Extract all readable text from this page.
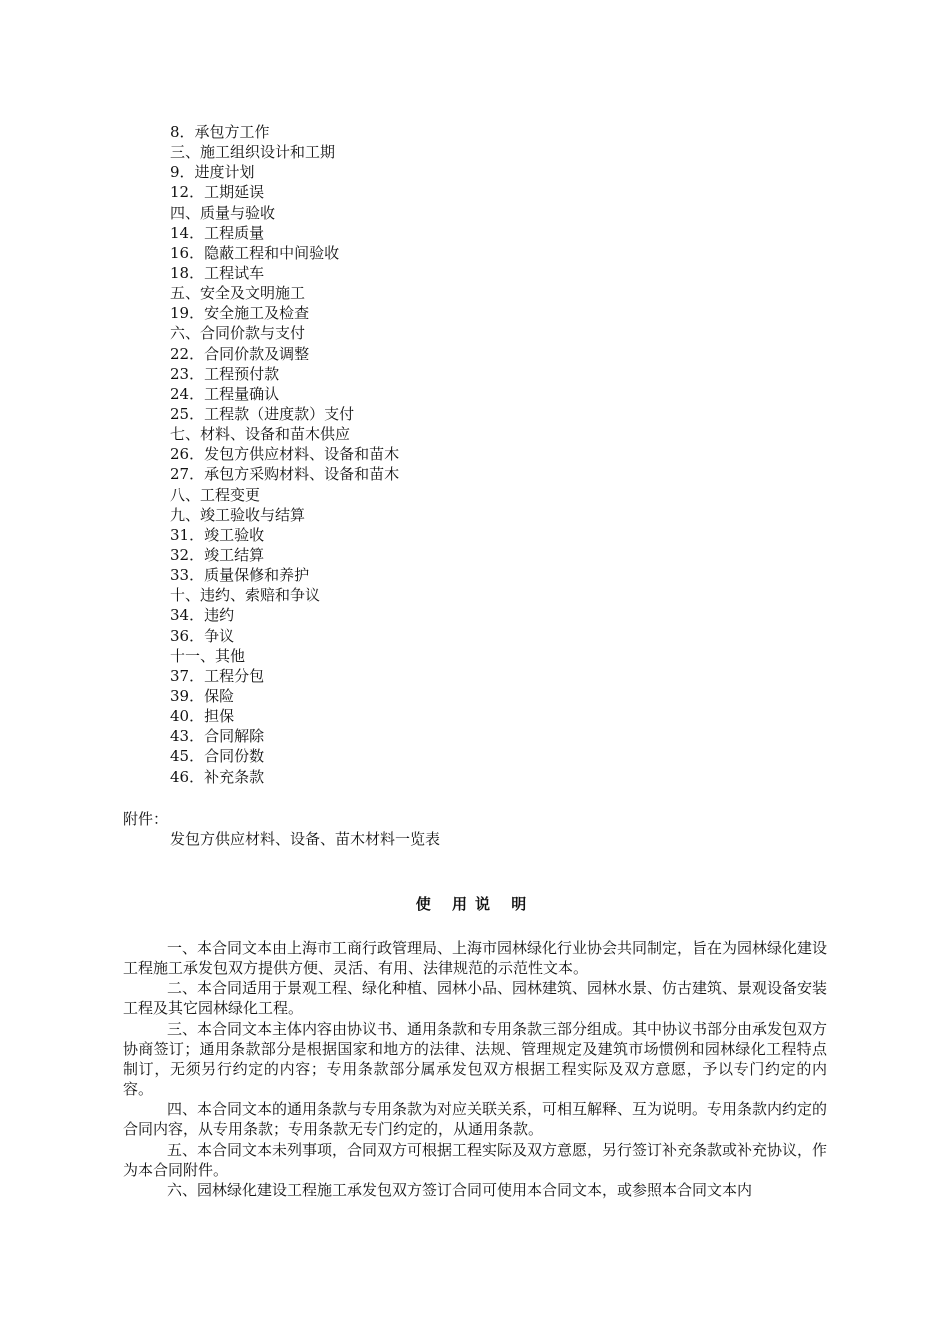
8．承包方工作
三、施工组织设计和工期
9．进度计划
12．工期延误
四、质量与验收
14．工程质量
16．隐蔽工程和中间验收
18．工程试车
五、安全及文明施工
19．安全施工及检查
六、合同价款与支付
22．合同价款及调整
23．工程预付款
24．工程量确认
25．工程款（进度款）支付
七、材料、设备和苗木供应
26．发包方供应材料、设备和苗木
27．承包方采购材料、设备和苗木
八、工程变更
九、竣工验收与结算
31．竣工验收
32．竣工结算
33．质量保修和养护
十、违约、索赔和争议
34．违约
36．争议
十一、其他
37．工程分包
39．保险
40．担保
43．合同解除
45．合同份数
46．补充条款
附件：
发包方供应材料、设备、苗木材料一览表
使 用说 明

一、本合同文本由上海市工商行政管理局、上海市园林绿化行业协会共同制定，旨在为园林绿化建设工程施工承发包双方提供方便、灵活、有用、法律规范的示范性文本。

二、本合同适用于景观工程、绿化种植、园林小品、园林建筑、园林水景、仿古建筑、景观设备安装工程及其它园林绿化工程。

三、本合同文本主体内容由协议书、通用条款和专用条款三部分组成。其中协议书部分由承发包双方协商签订；通用条款部分是根据国家和地方的法律、法规、管理规定及建筑市场惯例和园林绿化工程特点制订，无须另行约定的内容；专用条款部分属承发包双方根据工程实际及双方意愿，予以专门约定的内容。

四、本合同文本的通用条款与专用条款为对应关联关系，可相互解释、互为说明。专用条款内约定的合同内容，从专用条款；专用条款无专门约定的，从通用条款。

五、本合同文本未列事项，合同双方可根据工程实际及双方意愿，另行签订补充条款或补充协议，作为本合同附件。

六、园林绿化建设工程施工承发包双方签订合同可使用本合同文本，或参照本合同文本内
